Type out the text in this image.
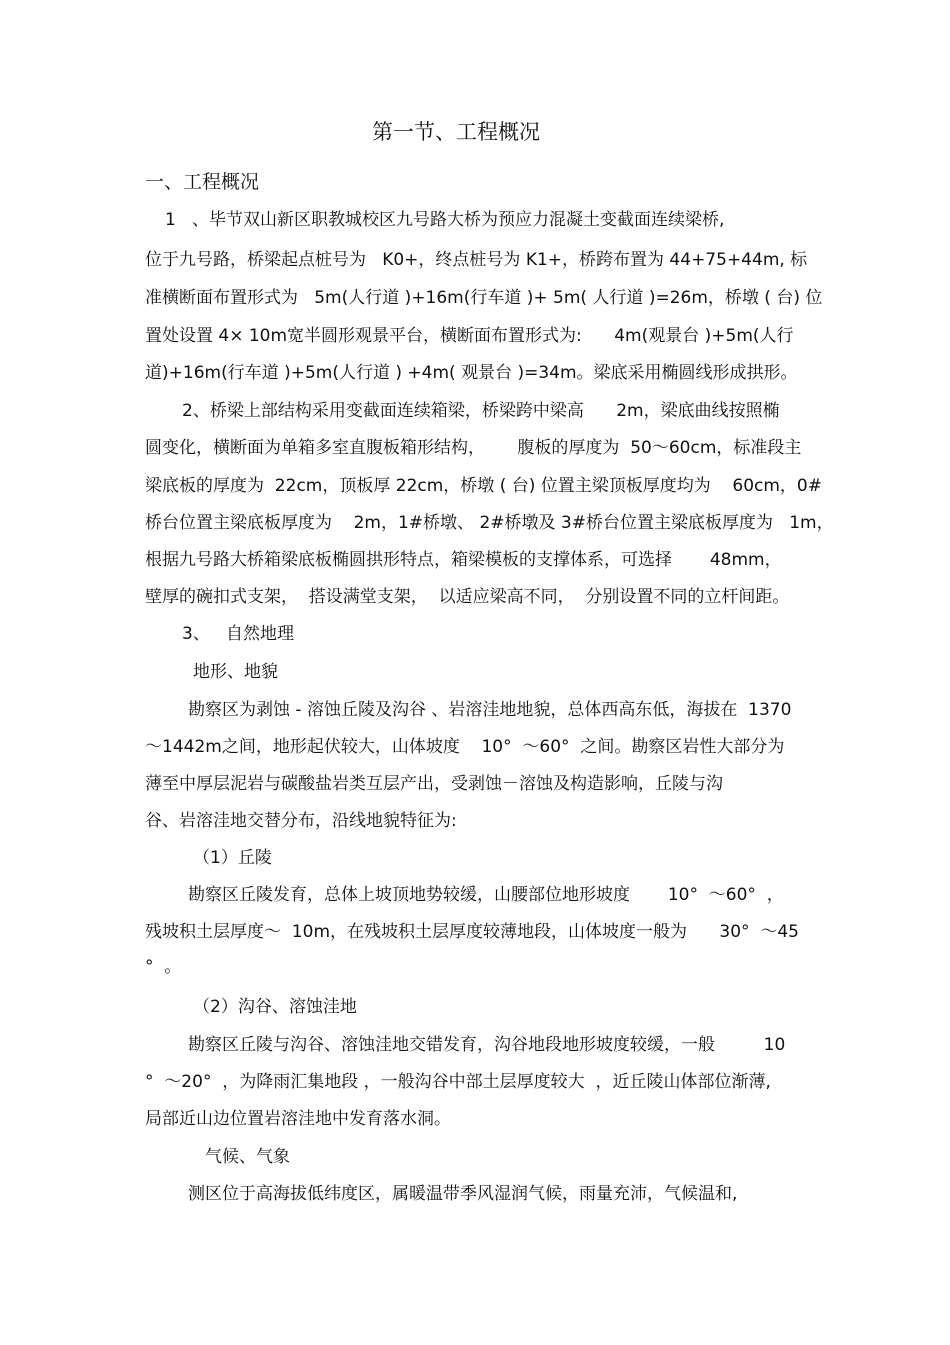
第一节、工程概况
一、工程概况
1   、毕节双山新区职教城校区九号路大桥为预应力混凝土变截面连续梁桥,
位于九号路，桥梁起点桩号为   K0+，终点桩号为 K1+，桥跨布置为 44+75+44m, 标
准横断面布置形式为   5m(人行道 )+16m(行车道 )+ 5m( 人行道 )=26m，桥墩 ( 台) 位
置处设置 4× 10m宽半圆形观景平台，横断面布置形式为:      4m(观景台 )+5m(人行
道)+16m(行车道 )+5m(人行道 ) +4m( 观景台 )=34m。梁底采用椭圆线形成拱形。
2、桥梁上部结构采用变截面连续箱梁，桥梁跨中梁高      2m，梁底曲线按照椭
圆变化，横断面为单箱多室直腹板箱形结构，      腹板的厚度为  50～60cm，标准段主
梁底板的厚度为  22cm，顶板厚 22cm，桥墩 ( 台) 位置主梁顶板厚度均为    60cm，0#
桥台位置主梁底板厚度为    2m，1#桥墩、 2#桥墩及 3#桥台位置主梁底板厚度为   1m，
根据九号路大桥箱梁底板椭圆拱形特点，箱梁模板的支撑体系，可选择       48mm，
壁厚的碗扣式支架，  搭设满堂支架，  以适应梁高不同，  分别设置不同的立杆间距。
3、   自然地理
地形、地貌
勘察区为剥蚀 - 溶蚀丘陵及沟谷 、岩溶洼地地貌，总体西高东低，海拔在  1370
～1442m之间，地形起伏较大，山体坡度    10°  ～60°  之间。勘察区岩性大部分为
薄至中厚层泥岩与碳酸盐岩类互层产出，受剥蚀－溶蚀及构造影响，丘陵与沟
谷、岩溶洼地交替分布，沿线地貌特征为:
（1）丘陵
勘察区丘陵发育，总体上坡顶地势较缓，山腰部位地形坡度       10°  ～60°  ，
残坡积土层厚度～  10m，在残坡积土层厚度较薄地段，山体坡度一般为      30°  ～45
°  。
（2）沟谷、溶蚀洼地
勘察区丘陵与沟谷、溶蚀洼地交错发育，沟谷地段地形坡度较缓，一般         10
°  ～20°  ，为降雨汇集地段 ，一般沟谷中部土层厚度较大  ，近丘陵山体部位渐薄,
局部近山边位置岩溶洼地中发育落水洞。
气候、气象
测区位于高海拔低纬度区，属暖温带季风湿润气候，雨量充沛，气候温和,
